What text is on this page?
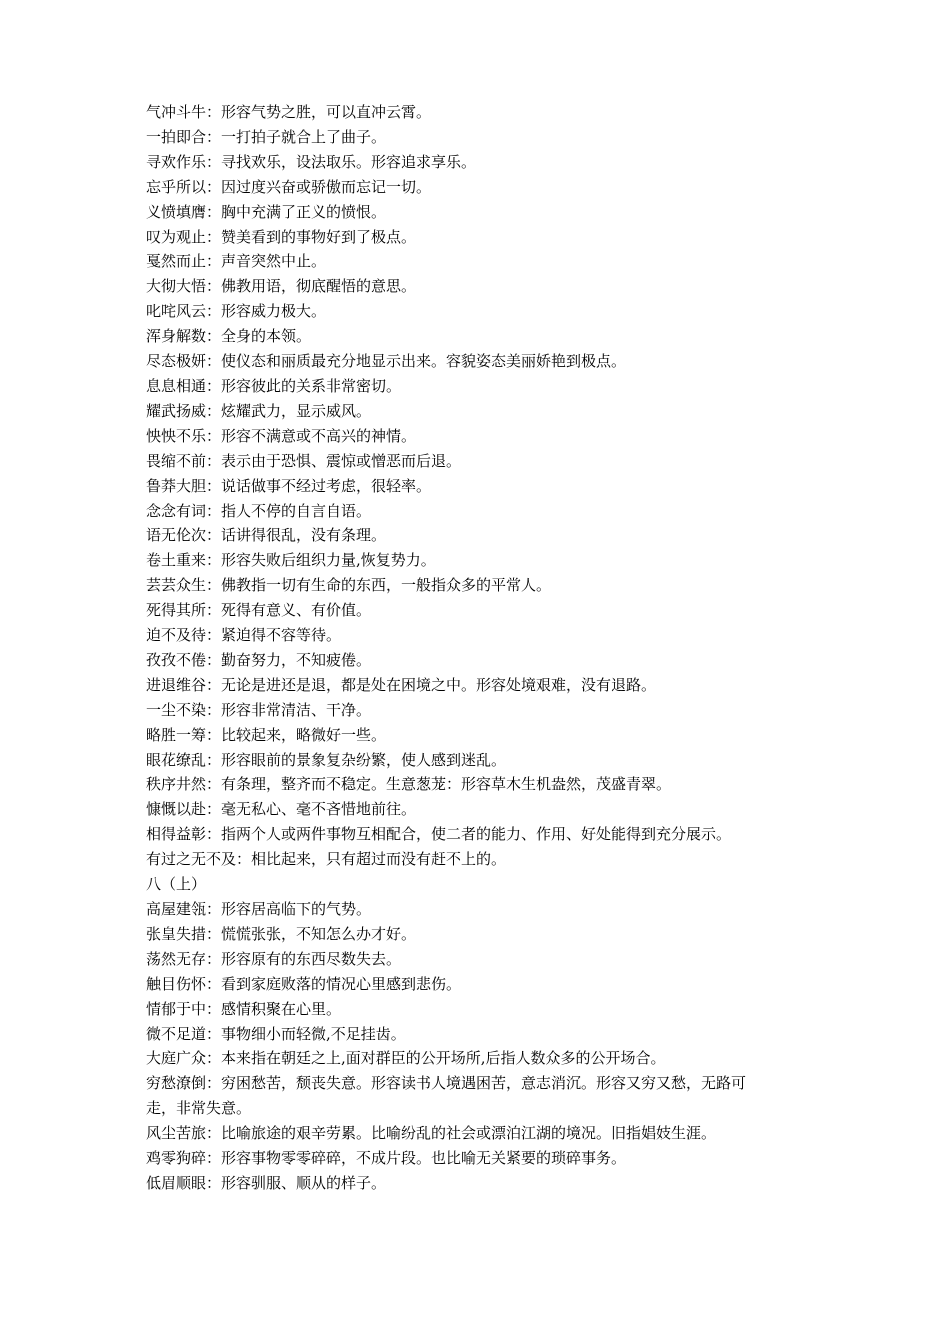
气冲斗牛：形容气势之胜，可以直冲云霄。
一拍即合：一打拍子就合上了曲子。
寻欢作乐：寻找欢乐，设法取乐。形容追求享乐。
忘乎所以：因过度兴奋或骄傲而忘记一切。
义愤填膺：胸中充满了正义的愤恨。
叹为观止：赞美看到的事物好到了极点。
戛然而止：声音突然中止。
大彻大悟：佛教用语，彻底醒悟的意思。
叱咤风云：形容威力极大。
浑身解数：全身的本领。
尽态极妍：使仪态和丽质最充分地显示出来。容貌姿态美丽娇艳到极点。
息息相通：形容彼此的关系非常密切。
耀武扬威：炫耀武力，显示威风。
怏怏不乐：形容不满意或不高兴的神情。
畏缩不前：表示由于恐惧、震惊或憎恶而后退。
鲁莽大胆：说话做事不经过考虑，很轻率。
念念有词：指人不停的自言自语。
语无伦次：话讲得很乱，没有条理。
卷土重来：形容失败后组织力量,恢复势力。
芸芸众生：佛教指一切有生命的东西，一般指众多的平常人。
死得其所：死得有意义、有价值。
迫不及待：紧迫得不容等待。
孜孜不倦：勤奋努力，不知疲倦。
进退维谷：无论是进还是退，都是处在困境之中。形容处境艰难，没有退路。
一尘不染：形容非常清洁、干净。
略胜一筹：比较起来，略微好一些。
眼花缭乱：形容眼前的景象复杂纷繁，使人感到迷乱。
秩序井然：有条理，整齐而不稳定。生意葱茏：形容草木生机盎然，茂盛青翠。
慷慨以赴：毫无私心、毫不吝惜地前往。
相得益彰：指两个人或两件事物互相配合，使二者的能力、作用、好处能得到充分展示。
有过之无不及：相比起来，只有超过而没有赶不上的。
八（上）
高屋建瓴：形容居高临下的气势。
张皇失措：慌慌张张，不知怎么办才好。
荡然无存：形容原有的东西尽数失去。
触目伤怀：看到家庭败落的情况心里感到悲伤。
情郁于中：感情积聚在心里。
微不足道：事物细小而轻微,不足挂齿。
大庭广众：本来指在朝廷之上,面对群臣的公开场所,后指人数众多的公开场合。
穷愁潦倒：穷困愁苦，颓丧失意。形容读书人境遇困苦，意志消沉。形容又穷又愁，无路可
走，非常失意。
风尘苦旅：比喻旅途的艰辛劳累。比喻纷乱的社会或漂泊江湖的境况。旧指娼妓生涯。
鸡零狗碎：形容事物零零碎碎，不成片段。也比喻无关紧要的琐碎事务。
低眉顺眼：形容驯服、顺从的样子。
